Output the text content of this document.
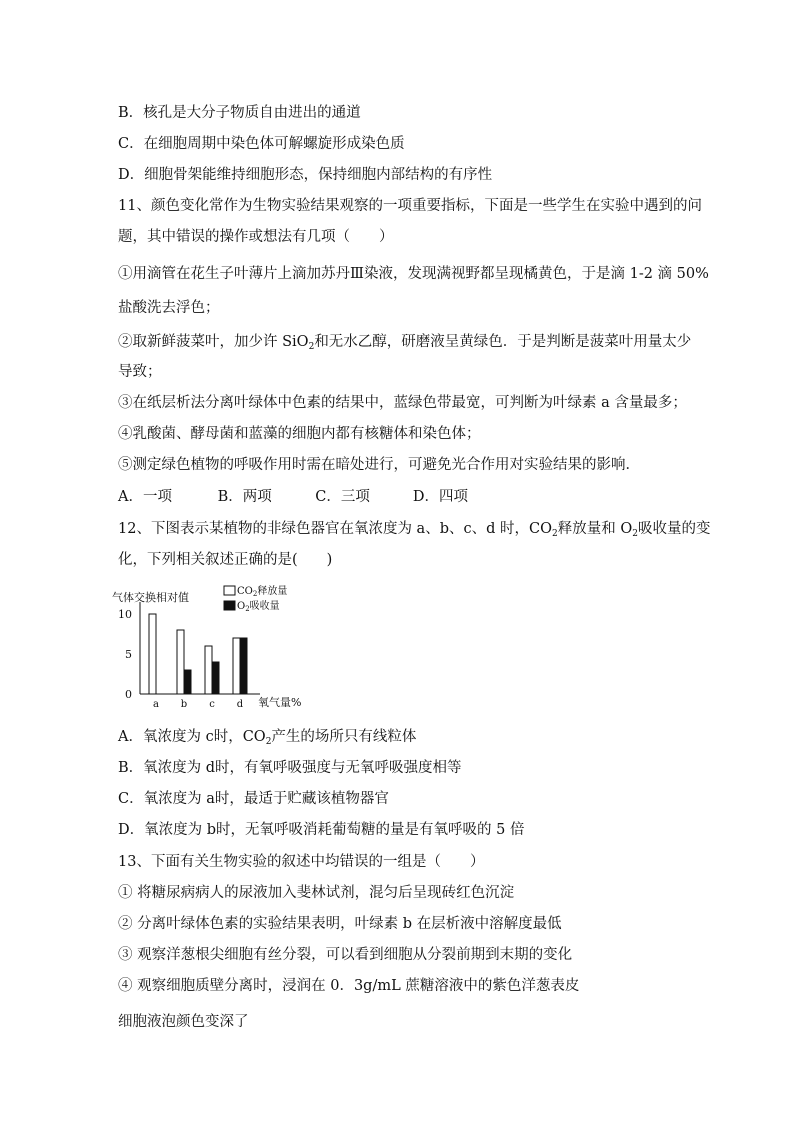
B．核孔是大分子物质自由进出的通道
C．在细胞周期中染色体可解螺旋形成染色质
D．细胞骨架能维持细胞形态，保持细胞内部结构的有序性
11、颜色变化常作为生物实验结果观察的一项重要指标，下面是一些学生在实验中遇到的问
题，其中错误的操作或想法有几项（　　）
①用滴管在花生子叶薄片上滴加苏丹Ⅲ染液，发现满视野都呈现橘黄色，于是滴 1-2 滴 50%
盐酸洗去浮色；
②取新鲜菠菜叶，加少许 SiO$_2$和无水乙醇，研磨液呈黄绿色．于是判断是菠菜叶用量太少
导致；
③在纸层析法分离叶绿体中色素的结果中，蓝绿色带最宽，可判断为叶绿素 a 含量最多；
④乳酸菌、酵母菌和蓝藻的细胞内都有核糖体和染色体；
⑤测定绿色植物的呼吸作用时需在暗处进行，可避免光合作用对实验结果的影响．
A．一项	B．两项	C．三项	D．四项
12、下图表示某植物的非绿色器官在氧浓度为 a、b、c、d 时，$CO_2$释放量和 $O_2$吸收量的变
化，下列相关叙述正确的是(　　)
气体交换相对值	$CO_2$释放量
$O_2$吸收量
0
5
10
a b c d 氧气量%
A．氧浓度为 c时，$CO_2$产生的场所只有线粒体
B．氧浓度为 d时，有氧呼吸强度与无氧呼吸强度相等
C．氧浓度为 a时，最适于贮藏该植物器官
D．氧浓度为 b时，无氧呼吸消耗葡萄糖的量是有氧呼吸的 5 倍
13、下面有关生物实验的叙述中均错误的一组是（　　）
① 将糖尿病病人的尿液加入斐林试剂，混匀后呈现砖红色沉淀
② 分离叶绿体色素的实验结果表明，叶绿素 b 在层析液中溶解度最低
③ 观察洋葱根尖细胞有丝分裂，可以看到细胞从分裂前期到末期的变化
④ 观察细胞质壁分离时，浸润在 0．3g/mL 蔗糖溶液中的紫色洋葱表皮
细胞液泡颜色变深了
